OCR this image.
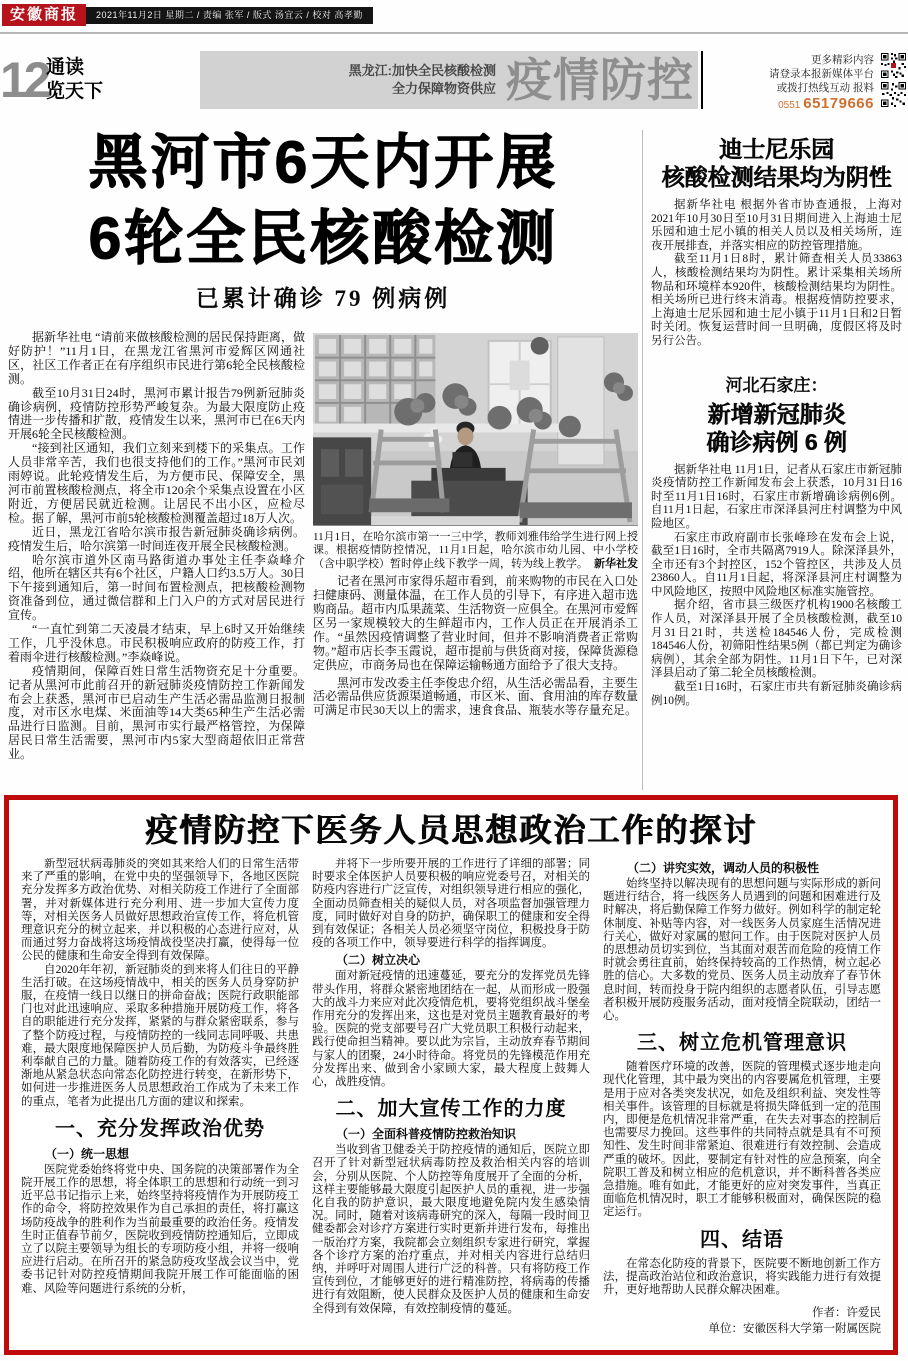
安徽商报	2021年11月2日 星期二 / 责编 张军 / 版式 汤宜云 / 校对 高孝勤
12
通读
览天下
黑龙江:加快全民核酸检测
全力保障物资供应 疫情防控	更多精彩内容
请登录本报新媒体平台
或拨打热线互动 报料
0551 65179666
黑河市6天内开展
6轮全民核酸检测
已累计确诊 79 例病例

据新华社电 “请前来做核酸检测的居民保持距离，做好防护！”11月1日，在黑龙江省黑河市爱辉区网通社区，社区工作者正在有序组织市民进行第6轮全民核酸检测。

截至10月31日24时，黑河市累计报告79例新冠肺炎确诊病例，疫情防控形势严峻复杂。为最大限度防止疫情进一步传播和扩散，疫情发生以来，黑河市已在6天内开展6轮全民核酸检测。

“接到社区通知，我们立刻来到楼下的采集点。工作人员非常辛苦，我们也很支持他们的工作。”黑河市民刘雨婷说。此轮疫情发生后，为方便市民、保障安全，黑河市前置核酸检测点，将全市120余个采集点设置在小区附近，方便居民就近检测。让居民不出小区，应检尽检。据了解，黑河市前5轮核酸检测覆盖超过18万人次。

近日，黑龙江省哈尔滨市报告新冠肺炎确诊病例。疫情发生后，哈尔滨第一时间连夜开展全民核酸检测。

哈尔滨市道外区南马路街道办事处主任李焱峰介绍，他所在辖区共有6个社区，户籍人口约3.5万人。30日下午接到通知后，第一时间布置检测点，把核酸检测物资准备到位，通过微信群和上门入户的方式对居民进行宣传。

“一直忙到第二天凌晨才结束，早上6时又开始继续工作，几乎没休息。市民积极响应政府的防疫工作，打着雨伞进行核酸检测。”李焱峰说。

疫情期间，保障百姓日常生活物资充足十分重要。记者从黑河市此前召开的新冠肺炎疫情防控工作新闻发布会上获悉，黑河市已启动生产生活必需品监测日报制度，对市区水电煤、米面油等14大类65种生产生活必需品进行日监测。目前，黑河市实行最严格管控，为保障居民日常生活需要，黑河市内5家大型商超依旧正常营业。

11月1日，在哈尔滨市第一一三中学，教师刘雅伟给学生进行网上授课。根据疫情防控情况，11月1日起，哈尔滨市幼儿园、中小学校（含中职学校）暂时停止线下教学一周，转为线上教学。 新华社发

记者在黑河市家得乐超市看到，前来购物的市民在入口处扫健康码、测量体温，在工作人员的引导下，有序进入超市选购商品。超市内瓜果蔬菜、生活物资一应俱全。在黑河市爱辉区另一家规模较大的生鲜超市内，工作人员正在开展消杀工作。“虽然因疫情调整了营业时间，但并不影响消费者正常购物。”超市店长李玉霞说，超市提前与供货商对接，保障货源稳定供应，市商务局也在保障运输畅通方面给予了很大支持。

黑河市发改委主任李俊忠介绍，从生活必需品看，主要生活必需品供应货源渠道畅通，市区米、面、食用油的库存数量可满足市民30天以上的需求，速食食品、瓶装水等存量充足。

迪士尼乐园
核酸检测结果均为阴性

据新华社电 根据外省市协查通报，上海对2021年10月30日至10月31日期间进入上海迪士尼乐园和迪士尼小镇的相关人员以及相关场所，连夜开展排查，并落实相应的防控管理措施。

截至11月1日8时，累计筛查相关人员33863人，核酸检测结果均为阴性。累计采集相关场所物品和环境样本920件，核酸检测结果均为阴性。相关场所已进行终末消毒。根据疫情防控要求，上海迪士尼乐园和迪士尼小镇于11月1日和2日暂时关闭。恢复运营时间一旦明确，度假区将及时另行公告。

河北石家庄：
新增新冠肺炎
确诊病例 6 例

据新华社电 11月1日，记者从石家庄市新冠肺炎疫情防控工作新闻发布会上获悉，10月31日16时至11月1日16时，石家庄市新增确诊病例6例。自11月1日起，石家庄市深泽县河庄村调整为中风险地区。

石家庄市政府副市长张峰珍在发布会上说，截至1日16时，全市共隔离7919人。除深泽县外，全市还有3个封控区，152个管控区，共涉及人员23860人。自11月1日起，将深泽县河庄村调整为中风险地区，按照中风险地区标准实施管控。

据介绍，省市县三级医疗机构1900名核酸工作人员，对深泽县开展了全员核酸检测，截至10月31日21时，共送检184546人份，完成检测184546人份，初筛阳性结果5例（都已判定为确诊病例），其余全部为阴性。11月1日下午，已对深泽县启动了第二轮全员核酸检测。

截至1日16时，石家庄市共有新冠肺炎确诊病例10例。

疫情防控下医务人员思想政治工作的探讨

新型冠状病毒肺炎的突如其来给人们的日常生活带来了严重的影响，在党中央的坚强领导下，各地区医院充分发挥多方政治优势、对相关防疫工作进行了全面部署，并对新媒体进行充分利用、进一步加大宣传力度等，对相关医务人员做好思想政治宣传工作，将危机管理意识充分的树立起来，并以积极的心态进行应对，从而通过努力奋战将这场疫情战役坚决打赢，使得每一位公民的健康和生命安全得到有效保障。

自2020年年初，新冠肺炎的到来将人们往日的平静生活打破。在这场疫情战中，相关的医务人员身穿防护服，在疫情一线日以继日的拼命奋战；医院行政职能部门也对此迅速响应、采取多种措施开展防疫工作，将各自的职能进行充分发挥，紧紧的与群众紧密联系，参与了整个防疫过程，与疫情防控的一线同志同呼吸、共患难，最大限度地保障医护人员后勤，为防疫斗争最终胜利奉献自己的力量。随着防疫工作的有效落实，已经逐渐地从紧急状态向常态化防控进行转变，在新形势下，如何进一步推进医务人员思想政治工作成为了未来工作的重点，笔者为此提出几方面的建议和探索。

一、充分发挥政治优势
（一）统一思想

医院党委始终将党中央、国务院的决策部署作为全院开展工作的思想，将全体职工的思想和行动统一到习近平总书记指示上来，始终坚持将疫情作为开展防疫工作的命令，将防控效果作为自己承担的责任，将打赢这场防疫战争的胜利作为当前最重要的政治任务。疫情发生时正值春节前夕，医院收到疫情防控通知后，立即成立了以院主要领导为组长的专项防疫小组，并将一级响应进行启动。在所召开的紧急防疫攻坚战会议当中，党委书记针对防控疫情期间我院开展工作可能面临的困难、风险等问题进行系统的分析，

并将下一步所要开展的工作进行了详细的部署；同时要求全体医护人员要积极的响应党委号召，对相关的防疫内容进行广泛宣传，对组织领导进行相应的强化，全面动员筛查相关的疑似人员，对各项监督加强管理力度，同时做好对自身的防护，确保职工的健康和安全得到有效保证；各相关人员必须坚守岗位，积极投身于防疫的各项工作中，领导要进行科学的指挥调度。

（二）树立决心

面对新冠疫情的迅速蔓延，要充分的发挥党员先锋带头作用，将群众紧密地团结在一起，从而形成一股强大的战斗力来应对此次疫情危机，要将党组织战斗堡垒作用充分的发挥出来，这也是对党员主题教育最好的考验。医院的党支部要号召广大党员职工积极行动起来，践行使命担当精神。要以此为宗旨，主动放弃春节期间与家人的团聚，24小时待命。将党员的先锋模范作用充分发挥出来、做到舍小家顾大家，最大程度上鼓舞人心，战胜疫情。

二、加大宣传工作的力度
（一）全面科普疫情防控救治知识

当收到省卫健委关于防控疫情的通知后，医院立即召开了针对新型冠状病毒防控及救治相关内容的培训会，分别从医院、个人防控等角度展开了全面的分析，这样主要能够最大限度引起医护人员的重视，进一步强化自我的防护意识，最大限度地避免院内发生感染情况。同时，随着对该病毒研究的深入，每隔一段时间卫健委都会对诊疗方案进行实时更新并进行发布，每推出一版治疗方案，我院都会立刻组织专家进行研究，掌握各个诊疗方案的治疗重点，并对相关内容进行总结归纳，并呼吁对周围人进行广泛的科普。只有将防疫工作宣传到位，才能够更好的进行精准防控，将病毒的传播进行有效阻断，使人民群众及医护人员的健康和生命安全得到有效保障，有效控制疫情的蔓延。

（二）讲究实效，调动人员的积极性

始终坚持以解决现有的思想问题与实际形成的新问题进行结合，将一线医务人员遇到的问题和困难进行及时解决，将后勤保障工作努力做好。例如科学的制定轮休制度、补贴等内容，对一线医务人员家庭生活情况进行关心，做好对家属的慰问工作。由于医院对医护人员的思想动员切实到位，当其面对艰苦而危险的疫情工作时就会勇往直前，始终保持较高的工作热情，树立起必胜的信心。大多数的党员、医务人员主动放弃了春节休息时间，转而投身于院内组织的志愿者队伍，引导志愿者积极开展防疫服务活动，面对疫情全院联动，团结一心。

三、树立危机管理意识

随着医疗环境的改善，医院的管理模式逐步地走向现代化管理，其中最为突出的内容要属危机管理，主要是用于应对各类突发状况，如危及组织利益、突发性等相关事件。该管理的目标就是将损失降低到一定的范围内，即便是危机情况非常严重，在失去对事态的控制后也需要尽力挽回。这些事件的共同特点就是具有不可预知性、发生时间非常紧迫、很难进行有效控制、会造成严重的破坏。因此，要制定有针对性的应急预案，向全院职工普及和树立相应的危机意识，并不断科普各类应急措施。唯有如此，才能更好的应对突发事件，当真正面临危机情况时，职工才能够积极面对，确保医院的稳定运行。

四、结语

在常态化防疫的背景下，医院要不断地创新工作方法，提高政治站位和政治意识，将实践能力进行有效提升，更好地帮助人民群众解决困难。

作者：许爱民
单位：安徽医科大学第一附属医院
